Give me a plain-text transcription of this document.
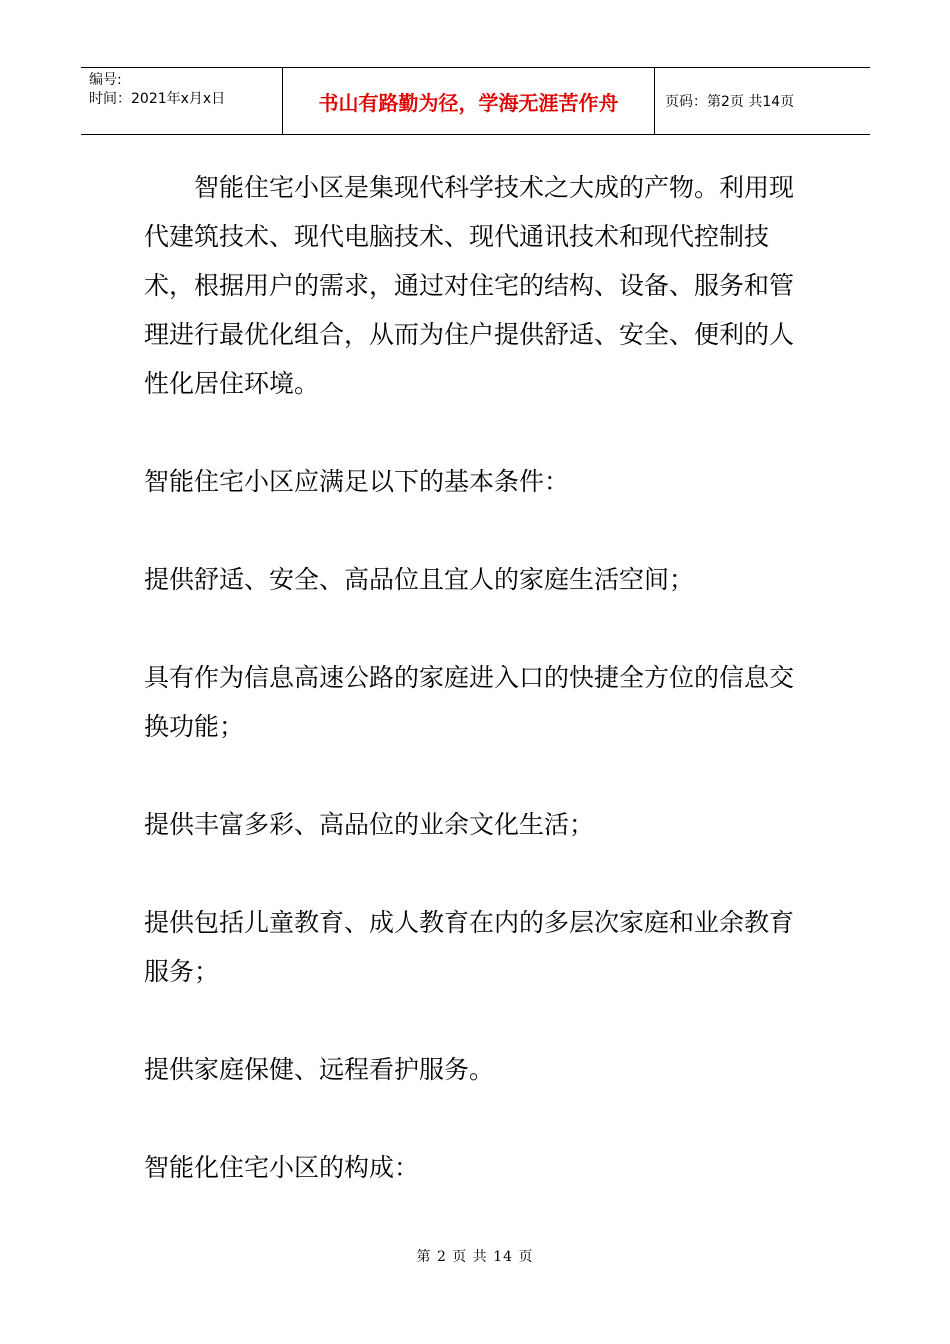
编号:
时间：2021年x月x日	书山有路勤为径，学海无涯苦作舟	页码：第2页 共14页

智能住宅小区是集现代科学技术之大成的产物。利用现代建筑技术、现代电脑技术、现代通讯技术和现代控制技术，根据用户的需求，通过对住宅的结构、设备、服务和管理进行最优化组合，从而为住户提供舒适、安全、便利的人性化居住环境。

智能住宅小区应满足以下的基本条件：

提供舒适、安全、高品位且宜人的家庭生活空间；

具有作为信息高速公路的家庭进入口的快捷全方位的信息交换功能；

提供丰富多彩、高品位的业余文化生活；

提供包括儿童教育、成人教育在内的多层次家庭和业余教育服务；

提供家庭保健、远程看护服务。

智能化住宅小区的构成：

第 2 页 共 14 页
